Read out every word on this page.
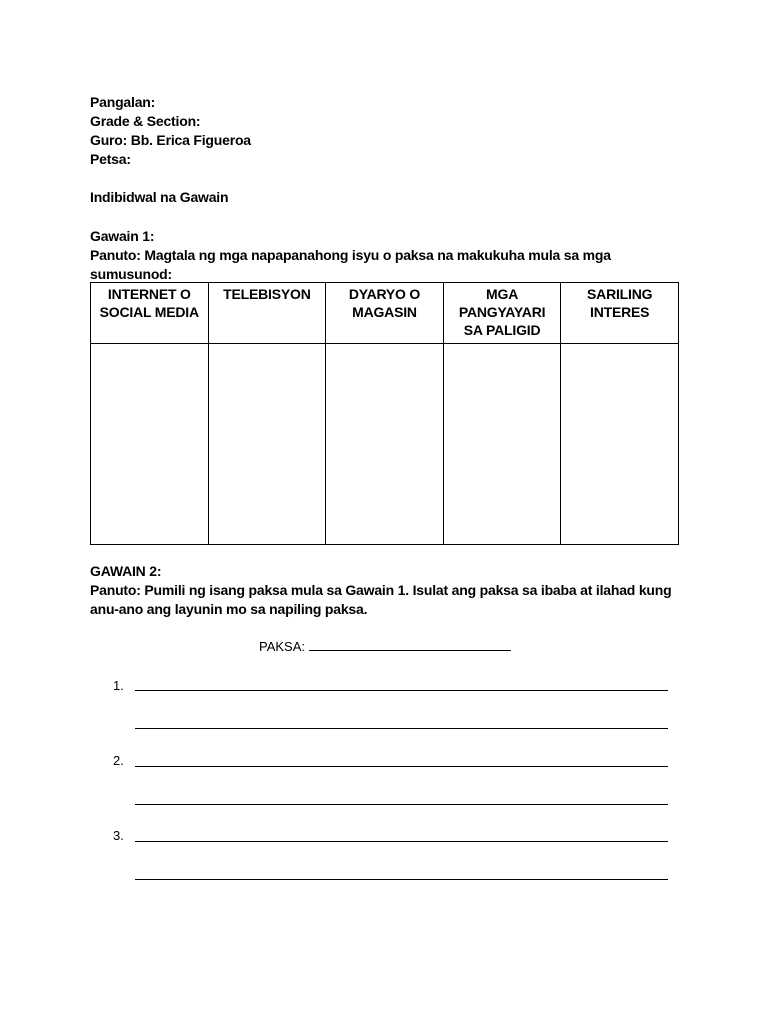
Pangalan:
Grade & Section:
Guro: Bb. Erica Figueroa
Petsa:
Indibidwal na Gawain
Gawain 1:
Panuto: Magtala ng mga napapanahong isyu o paksa na makukuha mula sa mga sumusunod:
INTERNET O SOCIAL MEDIA	TELEBISYON	DYARYO O MAGASIN	MGA PANGYAYARI SA PALIGID	SARILING INTERES

GAWAIN 2:
Panuto: Pumili ng isang paksa mula sa Gawain 1. Isulat ang paksa sa ibaba at ilahad kung anu-ano ang layunin mo sa napiling paksa.
PAKSA:
1.
2.
3.
